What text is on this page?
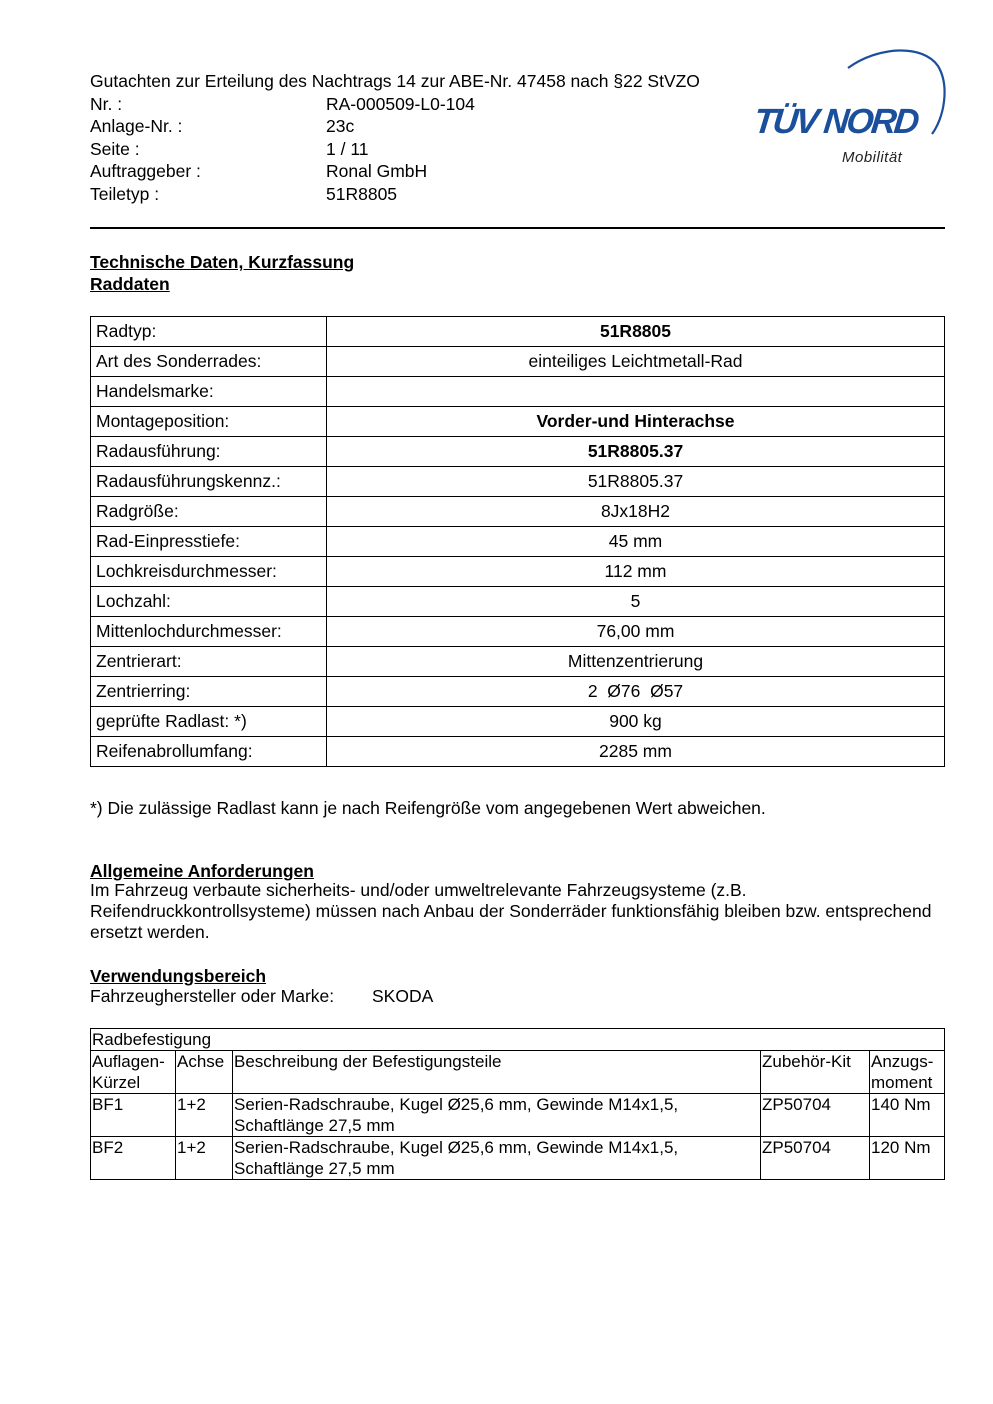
Gutachten zur Erteilung des Nachtrags 14 zur ABE-Nr. 47458 nach §22 StVZO
Nr. :	RA-000509-L0-104
Anlage-Nr. :	23c
Seite :	1 / 11
Auftraggeber :	Ronal GmbH
Teiletyp :	51R8805
TÜV NORD
Mobilität
Technische Daten, Kurzfassung
Raddaten
Radtyp:	51R8805
Art des Sonderrades:	einteiliges Leichtmetall-Rad
Handelsmarke:	
Montageposition:	Vorder-und Hinterachse
Radausführung:	51R8805.37
Radausführungskennz.:	51R8805.37
Radgröße:	8Jx18H2
Rad-Einpresstiefe:	45 mm
Lochkreisdurchmesser:	112 mm
Lochzahl:	5
Mittenlochdurchmesser:	76,00 mm
Zentrierart:	Mittenzentrierung
Zentrierring:	2  Ø76  Ø57
geprüfte Radlast: *)	900 kg
Reifenabrollumfang:	2285 mm
*) Die zulässige Radlast kann je nach Reifengröße vom angegebenen Wert abweichen.
Allgemeine Anforderungen
Im Fahrzeug verbaute sicherheits- und/oder umweltrelevante Fahrzeugsysteme (z.B. Reifendruckkontrollsysteme) müssen nach Anbau der Sonderräder funktionsfähig bleiben bzw. entsprechend ersetzt werden.
Verwendungsbereich
Fahrzeughersteller oder Marke: SKODA
Radbefestigung				
Auflagen-Kürzel	Achse	Beschreibung der Befestigungsteile	Zubehör-Kit	Anzugs-moment
BF1	1+2	Serien-Radschraube, Kugel Ø25,6 mm, Gewinde M14x1,5, Schaftlänge 27,5 mm	ZP50704	140 Nm
BF2	1+2	Serien-Radschraube, Kugel Ø25,6 mm, Gewinde M14x1,5, Schaftlänge 27,5 mm	ZP50704	120 Nm
